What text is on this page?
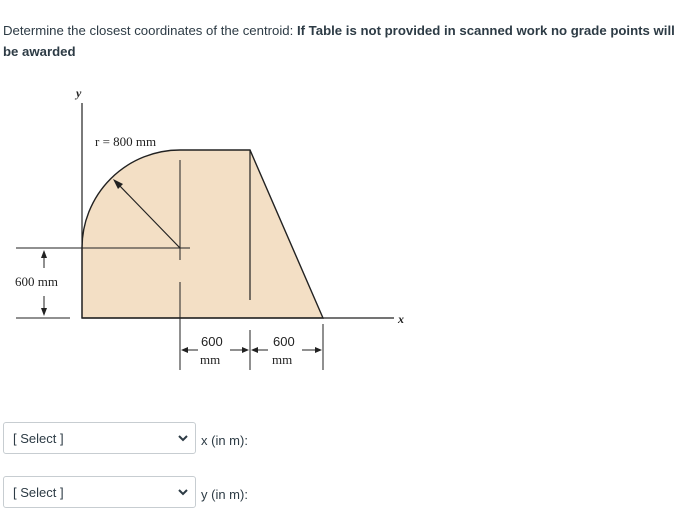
Determine the closest coordinates of the centroid: If Table is not provided in scanned work no grade points will be awarded
y
x
r = 800 mm
600 mm
600
mm
600
mm
[ Select ]	x (in m):
[ Select ]	y (in m):
